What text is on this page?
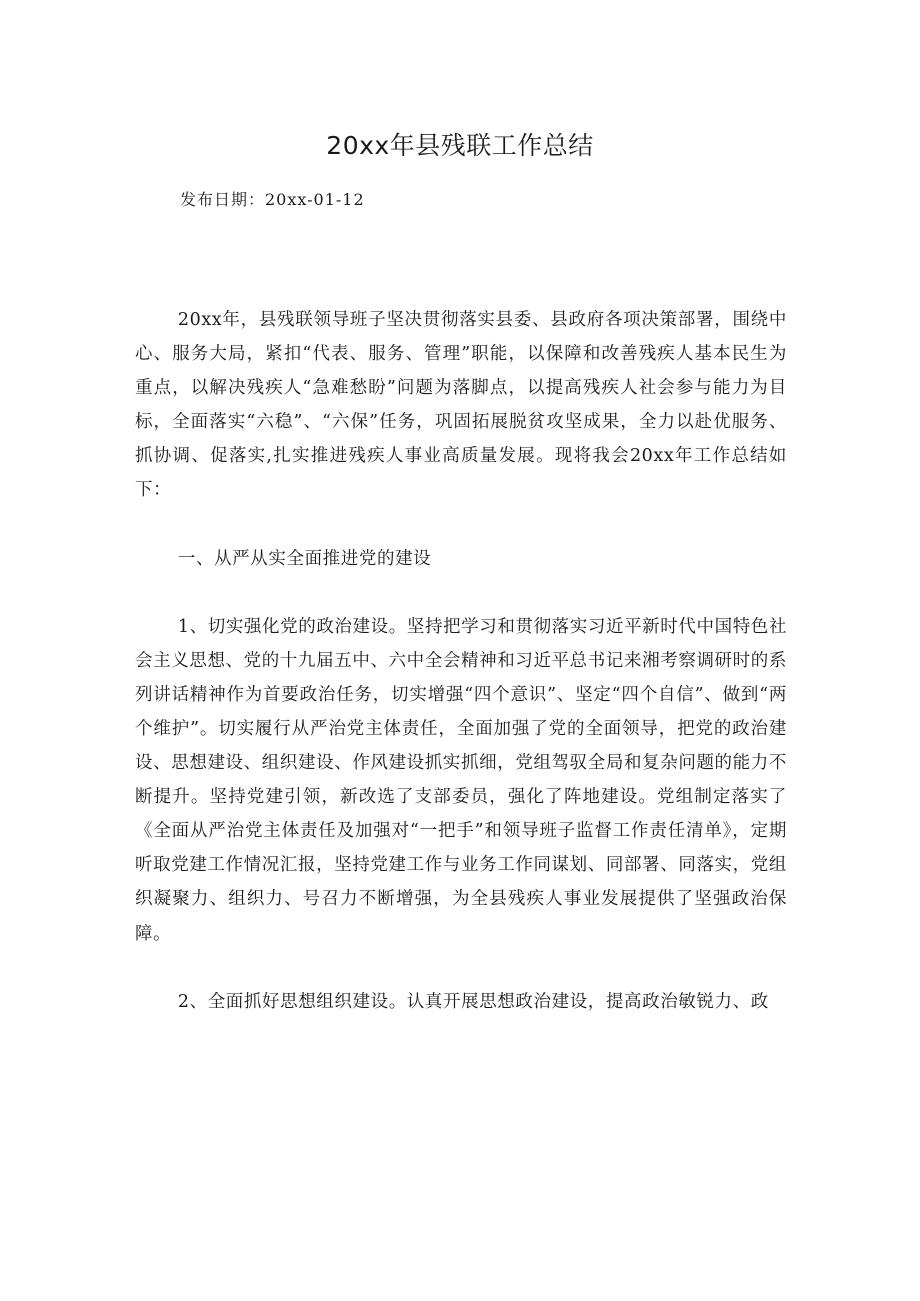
20xx年县残联工作总结
发布日期：20xx-01-12

20xx年，县残联领导班子坚决贯彻落实县委、县政府各项决策部署，围绕中心、服务大局，紧扣“代表、服务、管理”职能，以保障和改善残疾人基本民生为重点，以解决残疾人“急难愁盼”问题为落脚点，以提高残疾人社会参与能力为目标，全面落实“六稳”、“六保”任务，巩固拓展脱贫攻坚成果，全力以赴优服务、抓协调、促落实,扎实推进残疾人事业高质量发展。现将我会20xx年工作总结如下：

一、从严从实全面推进党的建设

1、切实强化党的政治建设。坚持把学习和贯彻落实习近平新时代中国特色社会主义思想、党的十九届五中、六中全会精神和习近平总书记来湘考察调研时的系列讲话精神作为首要政治任务，切实增强“四个意识”、坚定“四个自信”、做到“两个维护”。切实履行从严治党主体责任，全面加强了党的全面领导，把党的政治建设、思想建设、组织建设、作风建设抓实抓细，党组驾驭全局和复杂问题的能力不断提升。坚持党建引领，新改选了支部委员，强化了阵地建设。党组制定落实了《全面从严治党主体责任及加强对“一把手”和领导班子监督工作责任清单》，定期听取党建工作情况汇报，坚持党建工作与业务工作同谋划、同部署、同落实，党组织凝聚力、组织力、号召力不断增强，为全县残疾人事业发展提供了坚强政治保障。

2、全面抓好思想组织建设。认真开展思想政治建设，提高政治敏锐力、政
